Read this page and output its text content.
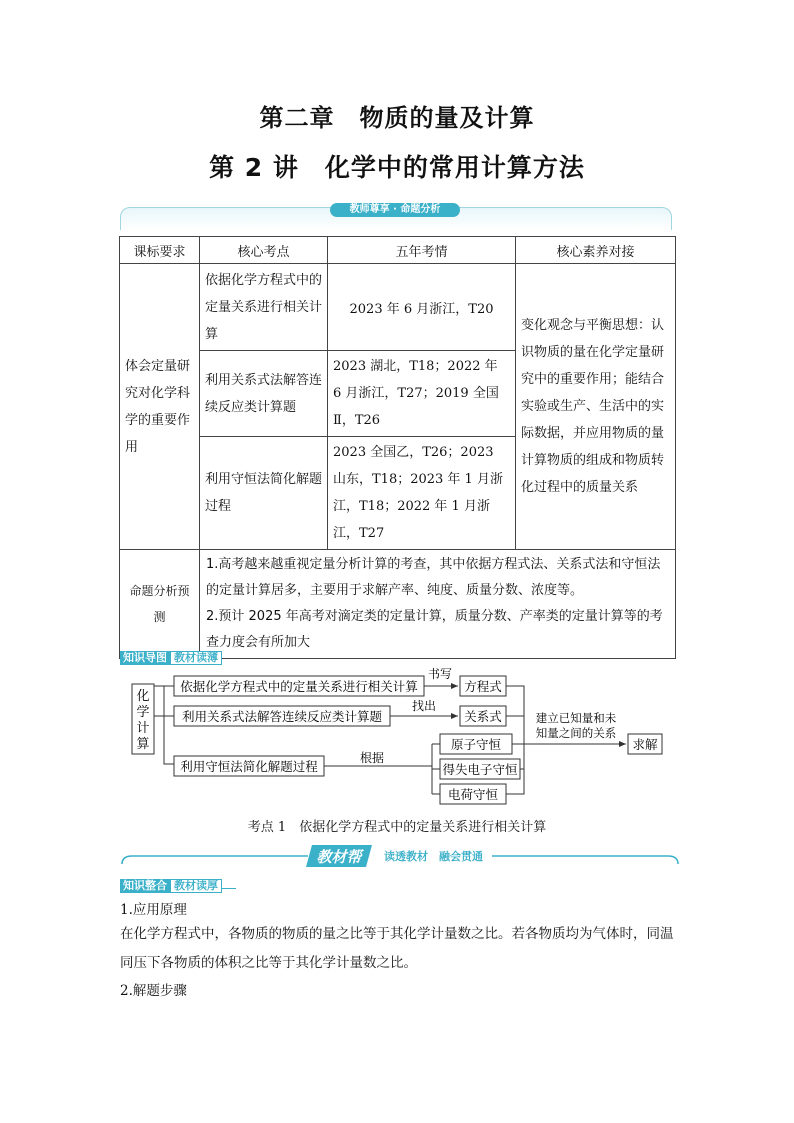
第二章　物质的量及计算
第 2 讲　化学中的常用计算方法
教师尊享 · 命题分析
课标要求	核心考点	五年考情	核心素养对接
体会定量研究对化学科学的重要作用	依据化学方程式中的定量关系进行相关计算	2023 年 6 月浙江，T20	变化观念与平衡思想：认识物质的量在化学定量研究中的重要作用；能结合实验或生产、生活中的实际数据，并应用物质的量计算物质的组成和物质转化过程中的质量关系
	利用关系式法解答连续反应类计算题	2023 湖北，T18；2022 年 6 月浙江，T27；2019 全国Ⅱ，T26	
	利用守恒法简化解题过程	2023 全国乙，T26；2023 山东，T18；2023 年 1 月浙江，T18；2022 年 1 月浙江，T27	
命题分析预测	1.高考越来越重视定量分析计算的考查，其中依据方程式法、关系式法和守恒法的定量计算居多，主要用于求解产率、纯度、质量分数、浓度等。
2.预计 2025 年高考对滴定类的定量计算，质量分数、产率类的定量计算等的考查力度会有所加大		
知识导图 教材读薄
化学计算
依据化学方程式中的定量关系进行相关计算
利用关系式法解答连续反应类计算题
利用守恒法简化解题过程
书写
找出
根据
方程式
关系式
原子守恒
得失电子守恒
电荷守恒
建立已知量和未
知量之间的关系
求解
考点 1　依据化学方程式中的定量关系进行相关计算
教材帮 读透教材　融会贯通
知识整合 教材读厚
1.应用原理
在化学方程式中，各物质的物质的量之比等于其化学计量数之比。若各物质均为气体时，同温同压下各物质的体积之比等于其化学计量数之比。
2.解题步骤
